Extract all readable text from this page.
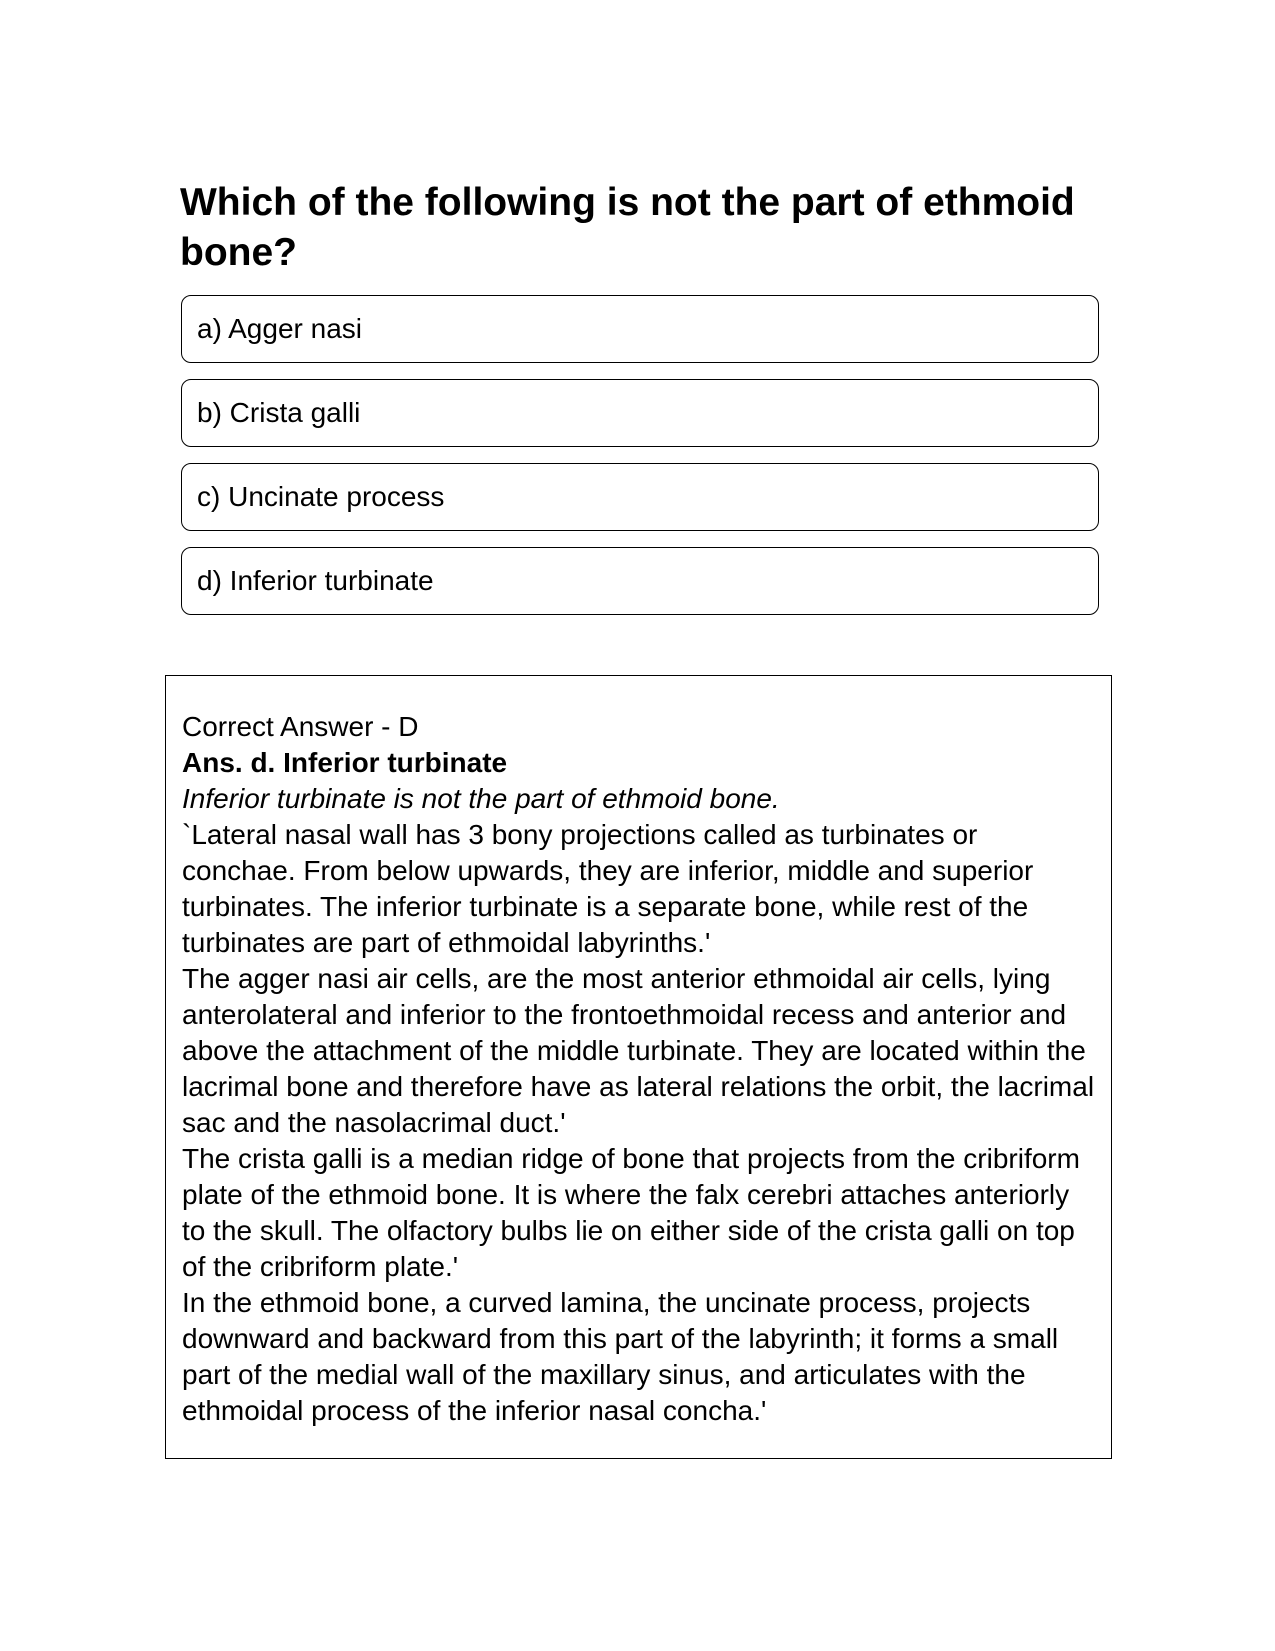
Which of the following is not the part of ethmoid bone?
a) Agger nasi
b) Crista galli
c) Uncinate process
d) Inferior turbinate

Correct Answer - D

Ans. d. Inferior turbinate

Inferior turbinate is not the part of ethmoid bone.

`Lateral nasal wall has 3 bony projections called as turbinates or conchae. From below upwards, they are inferior, middle and superior turbinates. The inferior turbinate is a separate bone, while rest of the turbinates are part of ethmoidal labyrinths.'

The agger nasi air cells, are the most anterior ethmoidal air cells, lying anterolateral and inferior to the frontoethmoidal recess and anterior and above the attachment of the middle turbinate. They are located within the lacrimal bone and therefore have as lateral relations the orbit, the lacrimal sac and the nasolacrimal duct.'

The crista galli is a median ridge of bone that projects from the cribriform plate of the ethmoid bone. It is where the falx cerebri attaches anteriorly to the skull. The olfactory bulbs lie on either side of the crista galli on top of the cribriform plate.'

In the ethmoid bone, a curved lamina, the uncinate process, projects downward and backward from this part of the labyrinth; it forms a small part of the medial wall of the maxillary sinus, and articulates with the ethmoidal process of the inferior nasal concha.'
